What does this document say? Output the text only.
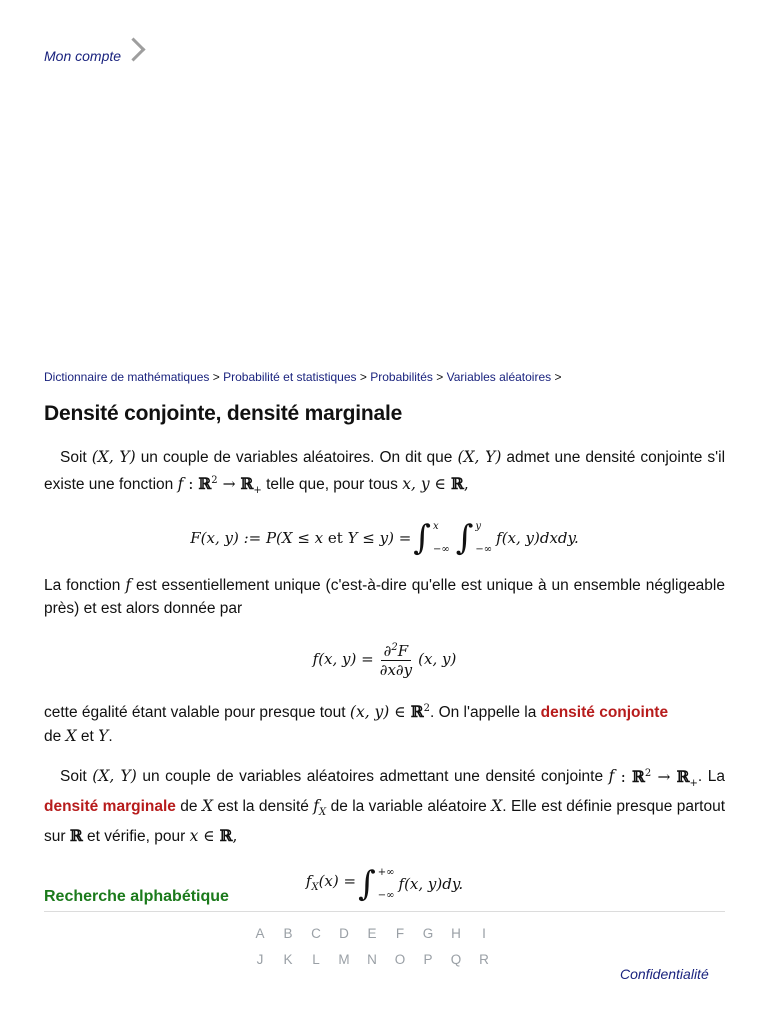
Mon compte
Dictionnaire de mathématiques > Probabilité et statistiques > Probabilités > Variables aléatoires >
Densité conjointe, densité marginale

Soit (X, Y) un couple de variables aléatoires. On dit que (X, Y) admet une densité conjointe s'il existe une fonction f : ℝ$^2$ → ℝ$_+$ telle que, pour tous x, y ∈ ℝ,

F(x, y) := P(X ≤ x et Y ≤ y) = ∫ x
−∞ ∫ y
−∞
f(x, y)dxdy.

La fonction f est essentiellement unique (c'est-à-dire qu'elle est unique à un ensemble négligeable près) et est alors donnée par

f(x, $y) = \frac{\partial^2F}{\partial x\partial y} (x$, y)

cette égalité étant valable pour presque tout (x, y) ∈ ℝ$^2$. On l'appelle la densité conjointe
de X et Y.

Soit (X, Y) un couple de variables aléatoires admettant une densité conjointe f : ℝ$^2$ → ℝ$_+$. La densité marginale de X est la densité $f_X$ de la variable aléatoire X. Elle est définie presque partout sur ℝ et vérifie, pour x ∈ ℝ,

$f_X(x)$ = ∫ +∞
−∞
f(x, y)dy.
Recherche alphabétique
A	B	C	D	E	F	G	H	I
J	K	L	M	N	O	P	Q	R
Confidentialité
